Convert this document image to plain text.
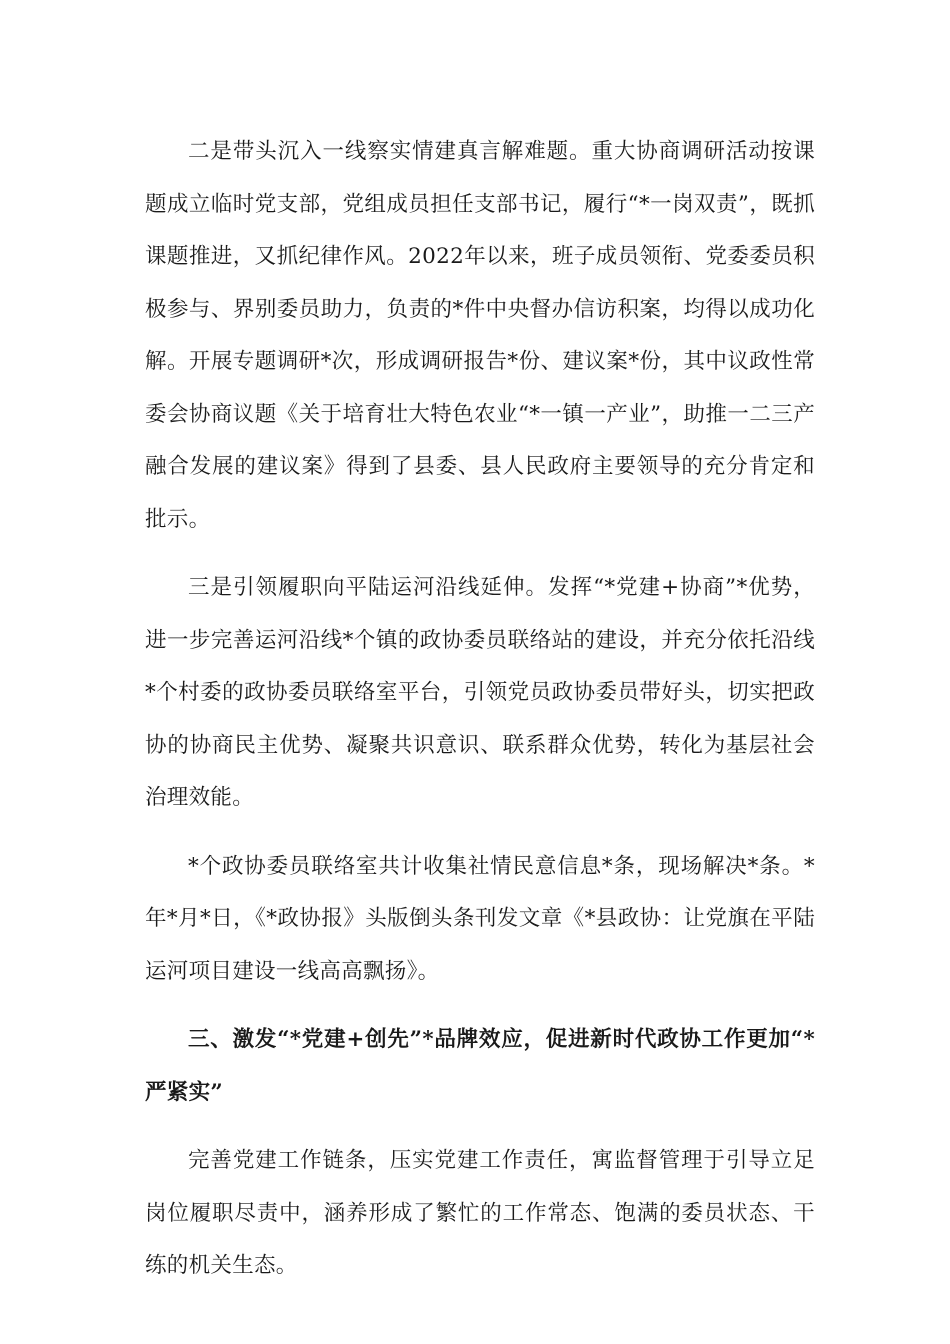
二是带头沉入一线察实情建真言解难题。重大协商调研活动按课题成立临时党支部，党组成员担任支部书记，履行“*一岗双责”，既抓课题推进，又抓纪律作风。2022年以来，班子成员领衔、党委委员积极参与、界别委员助力，负责的*件中央督办信访积案，均得以成功化解。开展专题调研*次，形成调研报告*份、建议案*份，其中议政性常委会协商议题《关于培育壮大特色农业“*一镇一产业”，助推一二三产融合发展的建议案》得到了县委、县人民政府主要领导的充分肯定和批示。

三是引领履职向平陆运河沿线延伸。发挥“*党建+协商”*优势，进一步完善运河沿线*个镇的政协委员联络站的建设，并充分依托沿线*个村委的政协委员联络室平台，引领党员政协委员带好头，切实把政协的协商民主优势、凝聚共识意识、联系群众优势，转化为基层社会治理效能。

*个政协委员联络室共计收集社情民意信息*条，现场解决*条。*年*月*日，《*政协报》头版倒头条刊发文章《*县政协：让党旗在平陆运河项目建设一线高高飘扬》。

三、激发“*党建+创先”*品牌效应，促进新时代政协工作更加“*严紧实”

完善党建工作链条，压实党建工作责任，寓监督管理于引导立足岗位履职尽责中，涵养形成了繁忙的工作常态、饱满的委员状态、干练的机关生态。
